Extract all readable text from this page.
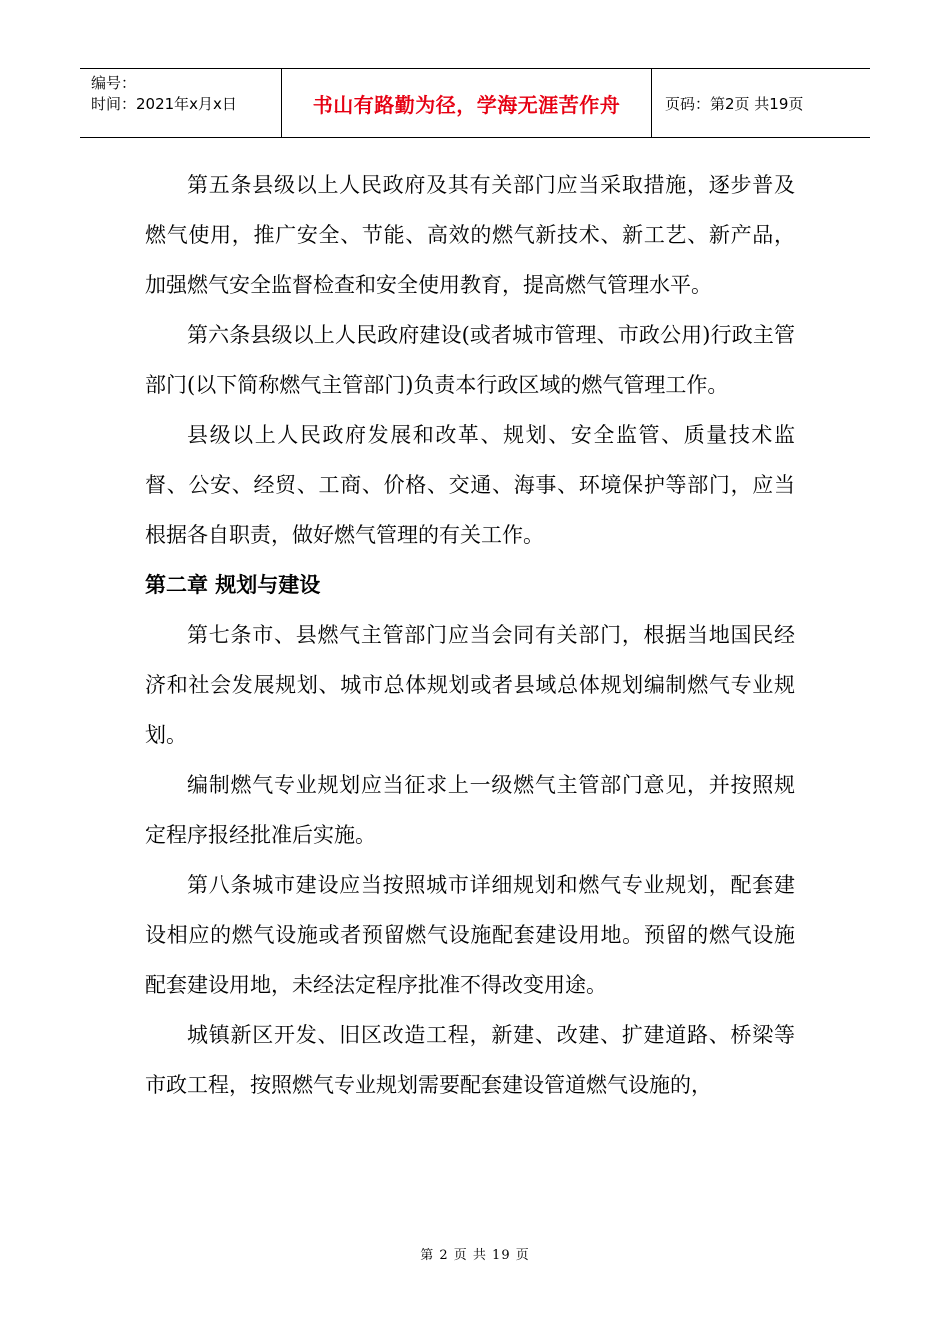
编号：
时间：2021年x月x日	书山有路勤为径，学海无涯苦作舟	页码：第2页 共19页

第五条县级以上人民政府及其有关部门应当采取措施，逐步普及燃气使用，推广安全、节能、高效的燃气新技术、新工艺、新产品，加强燃气安全监督检查和安全使用教育，提高燃气管理水平。

第六条县级以上人民政府建设(或者城市管理、市政公用)行政主管部门(以下简称燃气主管部门)负责本行政区域的燃气管理工作。

县级以上人民政府发展和改革、规划、安全监管、质量技术监督、公安、经贸、工商、价格、交通、海事、环境保护等部门，应当根据各自职责，做好燃气管理的有关工作。

第二章 规划与建设

第七条市、县燃气主管部门应当会同有关部门，根据当地国民经济和社会发展规划、城市总体规划或者县域总体规划编制燃气专业规划。

编制燃气专业规划应当征求上一级燃气主管部门意见，并按照规定程序报经批准后实施。

第八条城市建设应当按照城市详细规划和燃气专业规划，配套建设相应的燃气设施或者预留燃气设施配套建设用地。预留的燃气设施配套建设用地，未经法定程序批准不得改变用途。

城镇新区开发、旧区改造工程，新建、改建、扩建道路、桥梁等市政工程，按照燃气专业规划需要配套建设管道燃气设施的，

第 2 页 共 19 页
